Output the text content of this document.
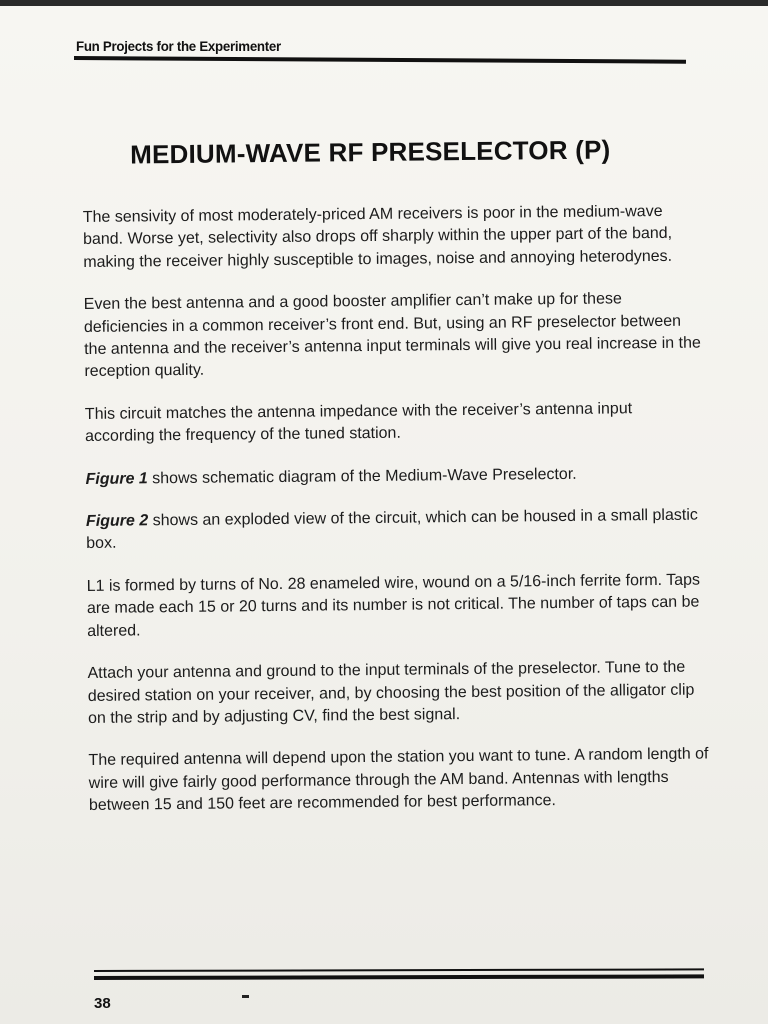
Fun Projects for the Experimenter
MEDIUM-WAVE RF PRESELECTOR (P)

The sensivity of most moderately-priced AM receivers is poor in the medium-wave band. Worse yet, selectivity also drops off sharply within the upper part of the band, making the receiver highly susceptible to images, noise and annoying heterodynes.

Even the best antenna and a good booster amplifier can’t make up for these deficiencies in a common receiver’s front end. But, using an RF preselector between the antenna and the receiver’s antenna input terminals will give you real increase in the reception quality.

This circuit matches the antenna impedance with the receiver’s antenna input according the frequency of the tuned station.

Figure 1 shows schematic diagram of the Medium-Wave Preselector.

Figure 2 shows an exploded view of the circuit, which can be housed in a small plastic box.

L1 is formed by turns of No. 28 enameled wire, wound on a 5/16-inch ferrite form. Taps are made each 15 or 20 turns and its number is not critical. The number of taps can be altered.

Attach your antenna and ground to the input terminals of the preselector. Tune to the desired station on your receiver, and, by choosing the best position of the alligator clip on the strip and by adjusting CV, find the best signal.

The required antenna will depend upon the station you want to tune. A random length of wire will give fairly good performance through the AM band. Antennas with lengths between 15 and 150 feet are recommended for best performance.

38
